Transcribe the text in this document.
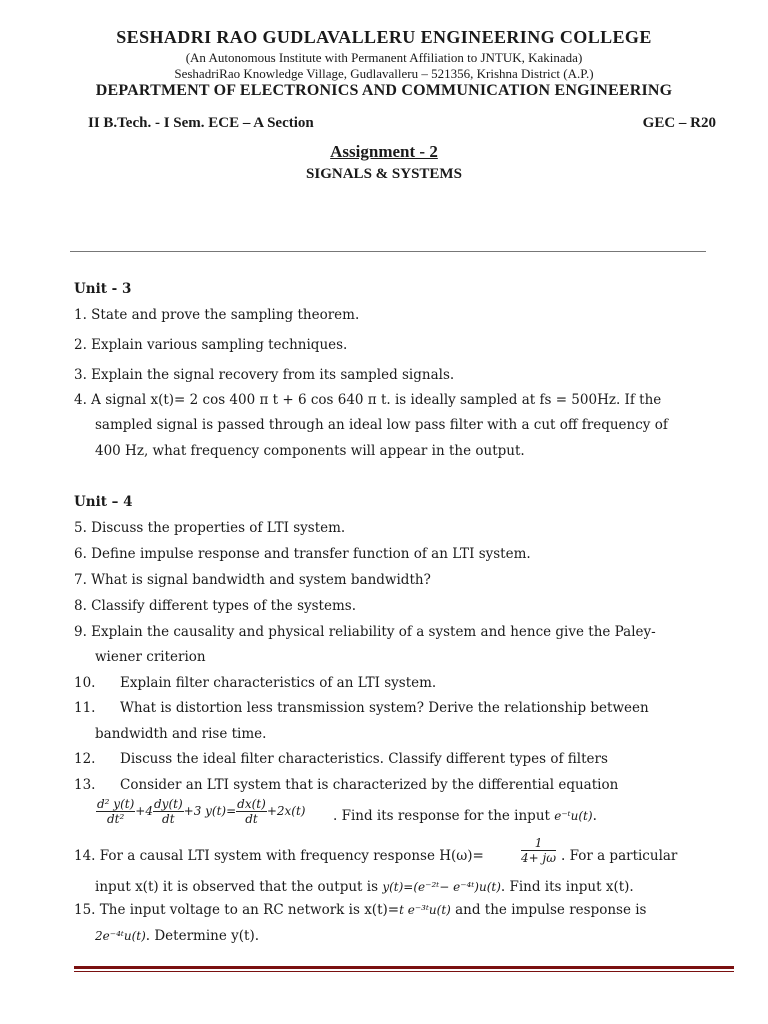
SESHADRI RAO GUDLAVALLERU ENGINEERING COLLEGE
(An Autonomous Institute with Permanent Affiliation to JNTUK, Kakinada)
SeshadriRao Knowledge Village, Gudlavalleru – 521356, Krishna District (A.P.)
DEPARTMENT OF ELECTRONICS AND COMMUNICATION ENGINEERING
II B.Tech. - I Sem. ECE – A Section	GEC – R20
Assignment - 2
SIGNALS & SYSTEMS
Unit - 3
1. State and prove the sampling theorem.
2. Explain various sampling techniques.
3. Explain the signal recovery from its sampled signals.
4. A signal x(t)= 2 cos 400 π t + 6 cos 640 π t. is ideally sampled at fs = 500Hz. If the
sampled signal is passed through an ideal low pass filter with a cut off frequency of
400 Hz, what frequency components will appear in the output.
Unit – 4
5. Discuss the properties of LTI system.
6. Define impulse response and transfer function of an LTI system.
7. What is signal bandwidth and system bandwidth?
8. Classify different types of the systems.
9. Explain the causality and physical reliability of a system and hence give the Paley-
wiener criterion
10. Explain filter characteristics of an LTI system.
11. What is distortion less transmission system? Derive the relationship between
bandwidth and rise time.
12. Discuss the ideal filter characteristics. Classify different types of filters
13. Consider an LTI system that is characterized by the differential equation
$\frac{\text{d² y(t)}}{\text{dt²}} +4 \frac{dy(t)}{dt} +3$ $y(t)= \frac{dx(t)}{dt} +2x(t)$ . Find its response for the input e⁻ᵗu(t).
14. For a causal LTI system with frequency response H(ω)=	$\frac{1}{4+ j\omega}$ . For a particular
input x(t) it is observed that the output is y(t)=(e⁻²ᵗ− e⁻⁴ᵗ)u(t). Find its input x(t).
15. The input voltage to an RC network is x(t)=t e⁻³ᵗu(t) and the impulse response is
2e⁻⁴ᵗu(t). Determine y(t).
